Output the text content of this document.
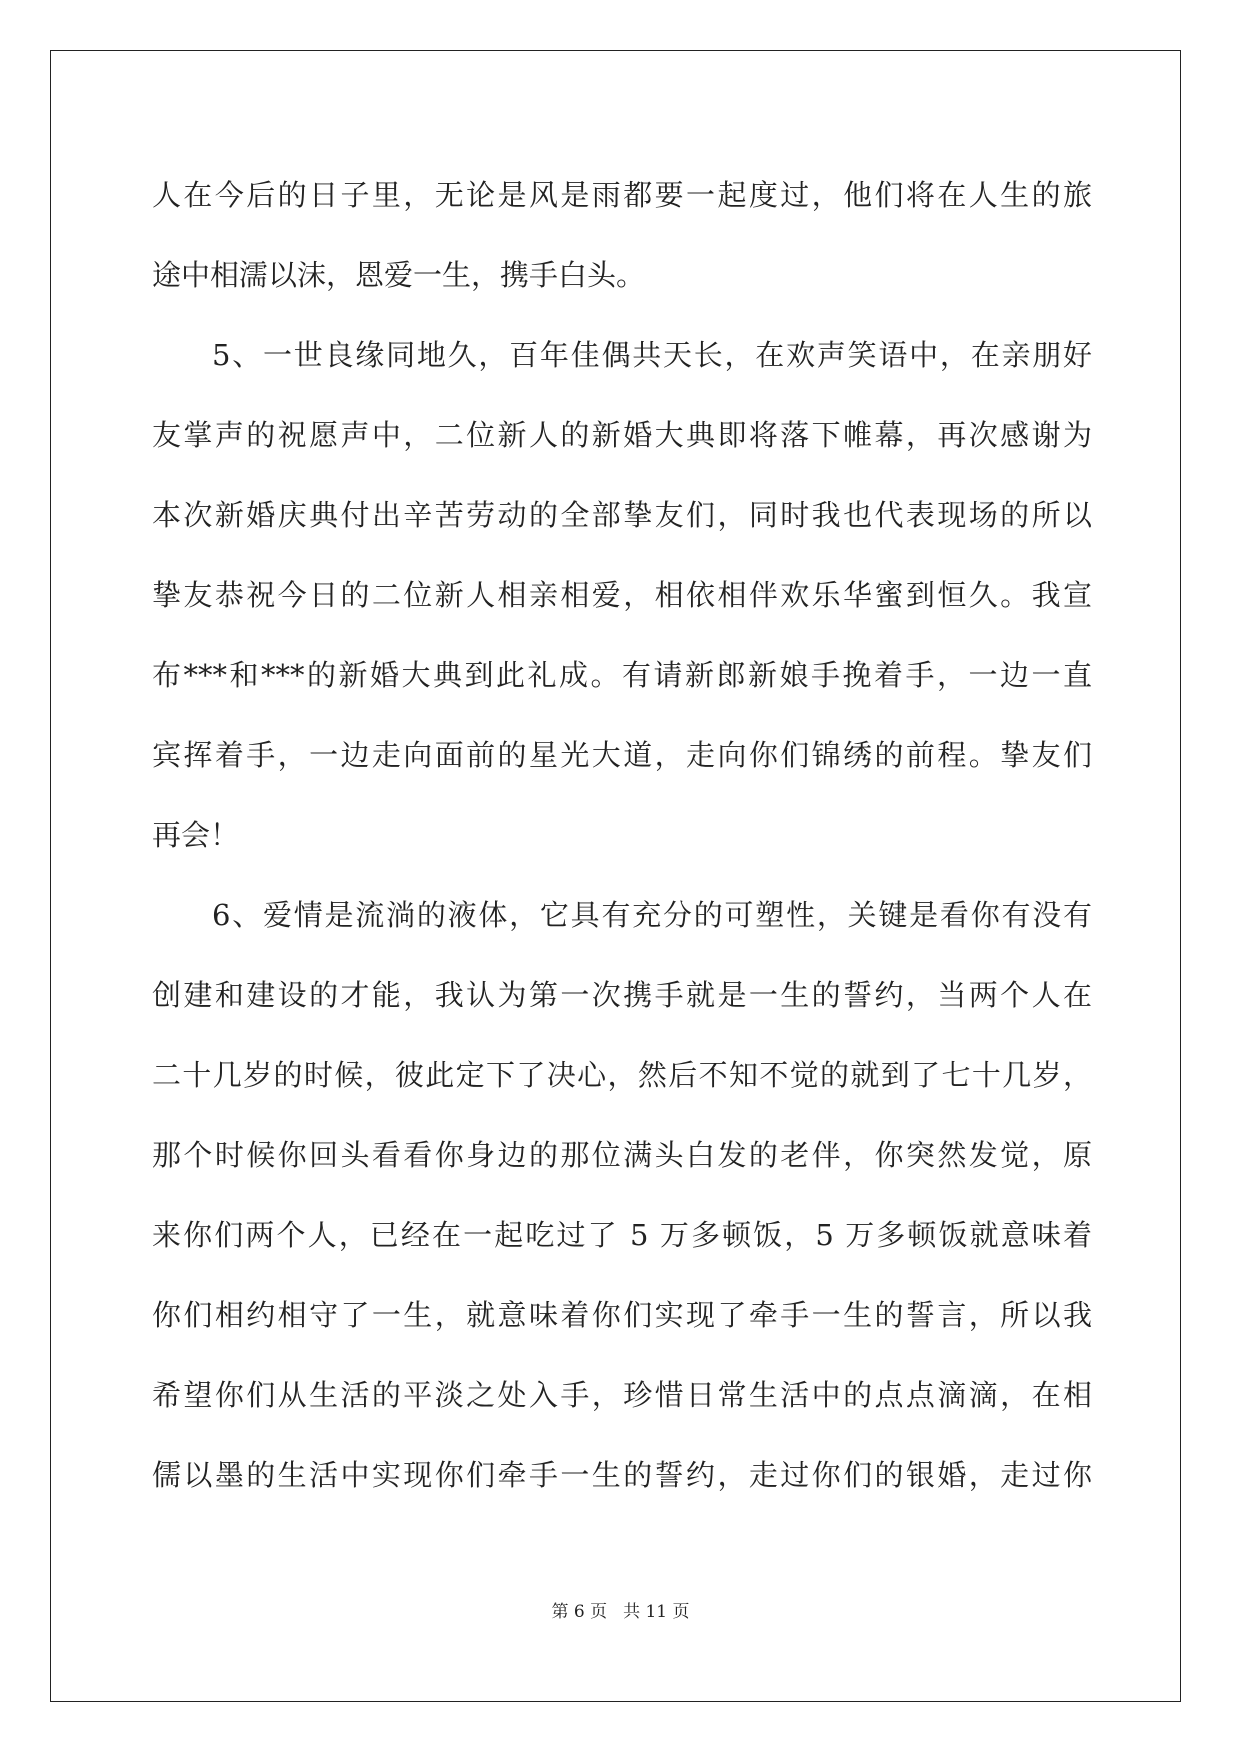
人在今后的日子里，无论是风是雨都要一起度过，他们将在人生的旅
途中相濡以沫，恩爱一生，携手白头。
5、一世良缘同地久，百年佳偶共天长，在欢声笑语中，在亲朋好
友掌声的祝愿声中，二位新人的新婚大典即将落下帷幕，再次感谢为
本次新婚庆典付出辛苦劳动的全部挚友们，同时我也代表现场的所以
挚友恭祝今日的二位新人相亲相爱，相依相伴欢乐华蜜到恒久。我宣
布***和***的新婚大典到此礼成。有请新郎新娘手挽着手，一边一直
宾挥着手，一边走向面前的星光大道，走向你们锦绣的前程。挚友们
再会！
6、爱情是流淌的液体，它具有充分的可塑性，关键是看你有没有
创建和建设的才能，我认为第一次携手就是一生的誓约，当两个人在
二十几岁的时候，彼此定下了决心，然后不知不觉的就到了七十几岁，
那个时候你回头看看你身边的那位满头白发的老伴，你突然发觉，原
来你们两个人，已经在一起吃过了 5 万多顿饭，5 万多顿饭就意味着
你们相约相守了一生，就意味着你们实现了牵手一生的誓言，所以我
希望你们从生活的平淡之处入手，珍惜日常生活中的点点滴滴，在相
儒以墨的生活中实现你们牵手一生的誓约，走过你们的银婚，走过你
第 6 页 共 11 页
